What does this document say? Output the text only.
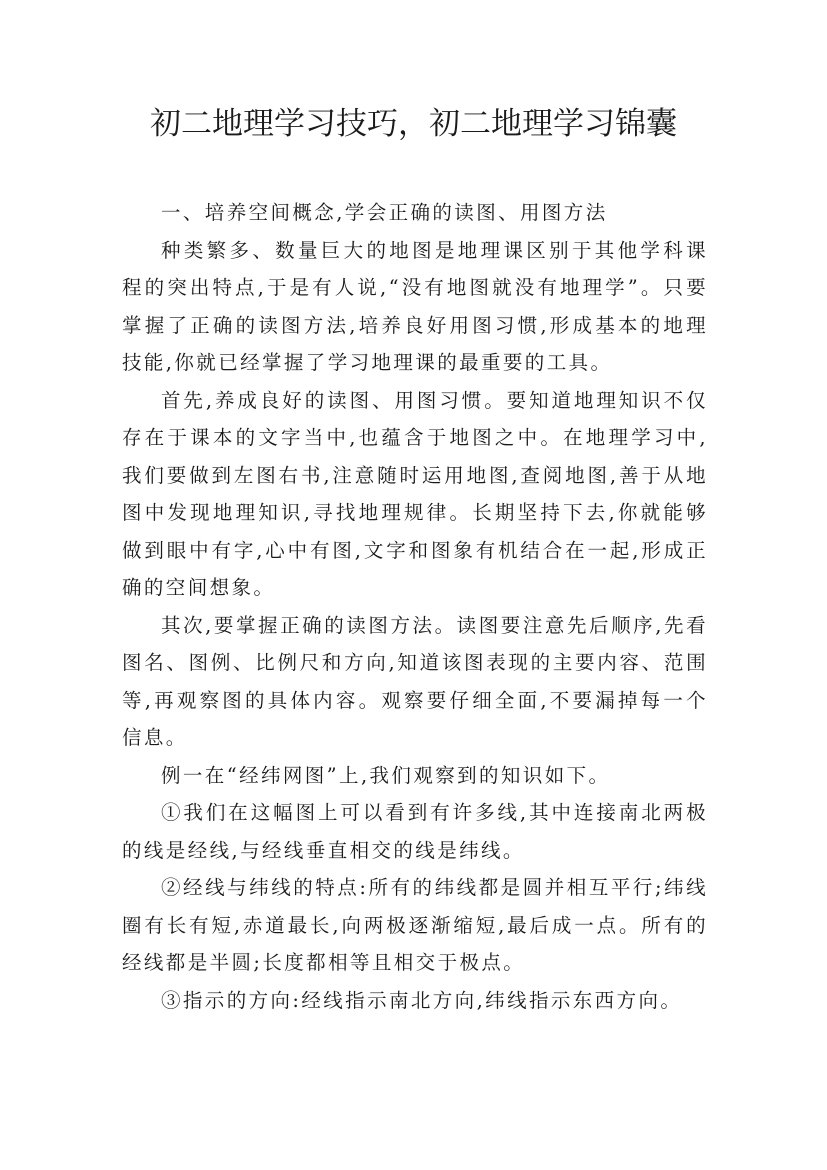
初二地理学习技巧，初二地理学习锦囊

一、培养空间概念,学会正确的读图、用图方法

种类繁多、数量巨大的地图是地理课区别于其他学科课程的突出特点,于是有人说,“没有地图就没有地理学”。只要掌握了正确的读图方法,培养良好用图习惯,形成基本的地理技能,你就已经掌握了学习地理课的最重要的工具。

首先,养成良好的读图、用图习惯。要知道地理知识不仅存在于课本的文字当中,也蕴含于地图之中。在地理学习中,我们要做到左图右书,注意随时运用地图,查阅地图,善于从地图中发现地理知识,寻找地理规律。长期坚持下去,你就能够做到眼中有字,心中有图,文字和图象有机结合在一起,形成正确的空间想象。

其次,要掌握正确的读图方法。读图要注意先后顺序,先看图名、图例、比例尺和方向,知道该图表现的主要内容、范围等,再观察图的具体内容。观察要仔细全面,不要漏掉每一个信息。

例一在“经纬网图”上,我们观察到的知识如下。

①我们在这幅图上可以看到有许多线,其中连接南北两极的线是经线,与经线垂直相交的线是纬线。

②经线与纬线的特点:所有的纬线都是圆并相互平行;纬线圈有长有短,赤道最长,向两极逐渐缩短,最后成一点。所有的经线都是半圆;长度都相等且相交于极点。

③指示的方向:经线指示南北方向,纬线指示东西方向。
